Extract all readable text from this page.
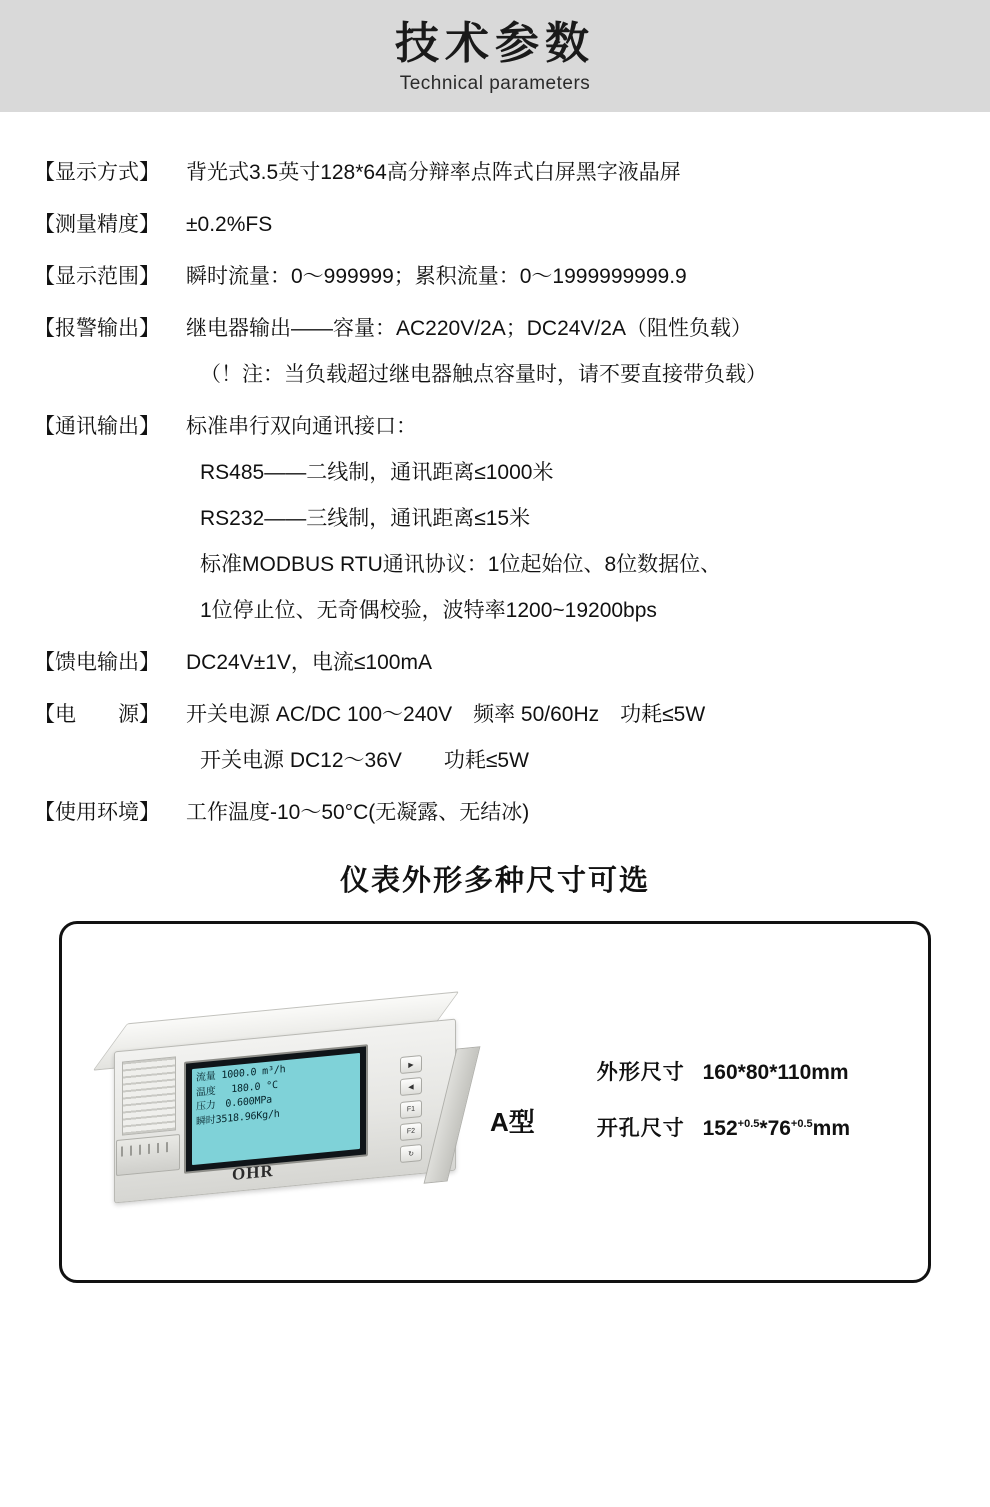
技术参数
Technical parameters
【显示方式】	背光式3.5英寸128*64高分辩率点阵式白屏黑字液晶屏
【测量精度】	±0.2%FS
【显示范围】	瞬时流量：0～999999；累积流量：0～1999999999.9
【报警输出】	继电器输出——容量：AC220V/2A；DC24V/2A（阻性负载）
（！注：当负载超过继电器触点容量时，请不要直接带负载）
【通讯输出】	标准串行双向通讯接口：
RS485——二线制，通讯距离≤1000米
RS232——三线制，通讯距离≤15米
标准MODBUS RTU通讯协议：1位起始位、8位数据位、
1位停止位、无奇偶校验，波特率1200~19200bps
【馈电输出】	DC24V±1V，电流≤100mA
【电　　源】	开关电源 AC/DC 100～240V　频率 50/60Hz　功耗≤5W
开关电源 DC12～36V　　功耗≤5W
【使用环境】	工作温度-10～50°C(无凝露、无结冰)
仪表外形多种尺寸可选
流量 1000.0 m³/h
温度　 180.0 °C
压力　0.600MPa
瞬时3518.96Kg/h
OHR
▶
◀
F1
F2
↻
A型
外形尺寸 160*80*110mm
开孔尺寸 $152^{+0.5}*76^{+0.5}mm$
